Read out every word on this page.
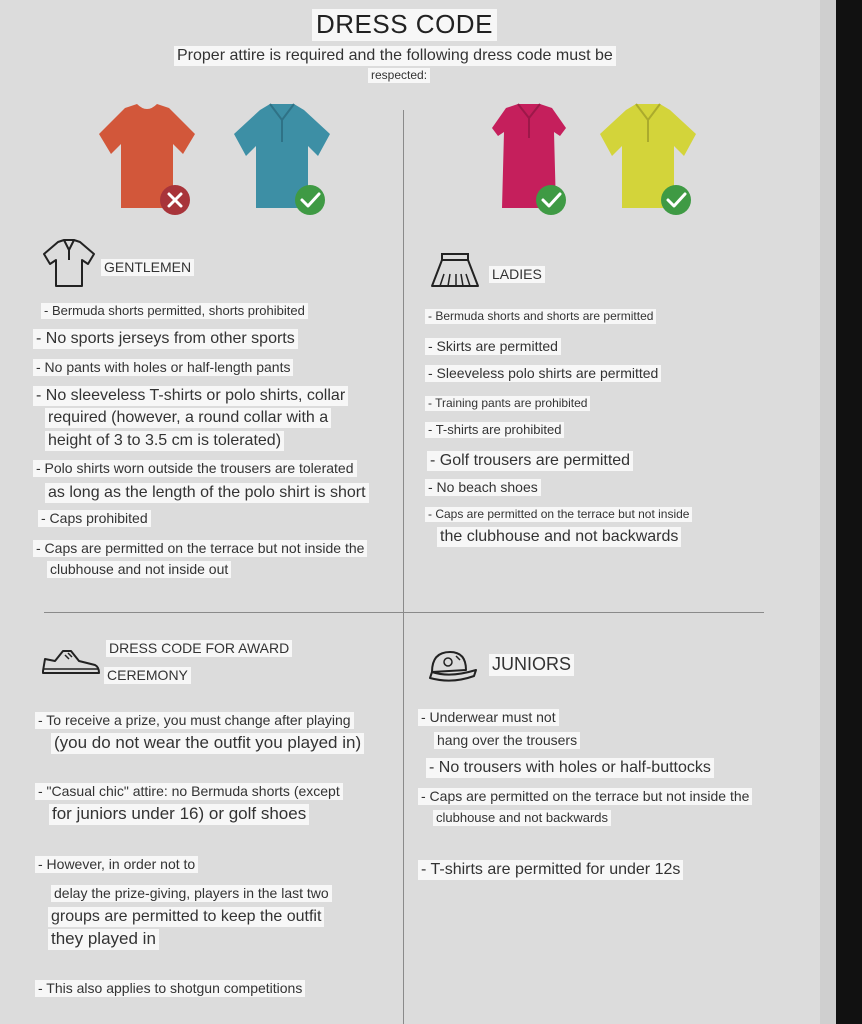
DRESS CODE
Proper attire is required and the following dress code must be
respected:
GENTLEMEN
- Bermuda shorts permitted, shorts prohibited
- No sports jerseys from other sports
- No pants with holes or half-length pants
- No sleeveless T-shirts or polo shirts, collar
required (however, a round collar with a
height of 3 to 3.5 cm is tolerated)
- Polo shirts worn outside the trousers are tolerated
as long as the length of the polo shirt is short
- Caps prohibited
- Caps are permitted on the terrace but not inside the
clubhouse and not inside out
LADIES
- Bermuda shorts and shorts are permitted
- Skirts are permitted
- Sleeveless polo shirts are permitted
- Training pants are prohibited
- T-shirts are prohibited
- Golf trousers are permitted
- No beach shoes
- Caps are permitted on the terrace but not inside
the clubhouse and not backwards
DRESS CODE FOR AWARD
CEREMONY
- To receive a prize, you must change after playing
(you do not wear the outfit you played in)
- "Casual chic" attire: no Bermuda shorts (except
for juniors under 16) or golf shoes
- However, in order not to
delay the prize-giving, players in the last two
groups are permitted to keep the outfit
they played in
- This also applies to shotgun competitions
JUNIORS
- Underwear must not
hang over the trousers
- No trousers with holes or half-buttocks
- Caps are permitted on the terrace but not inside the
clubhouse and not backwards
- T-shirts are permitted for under 12s
